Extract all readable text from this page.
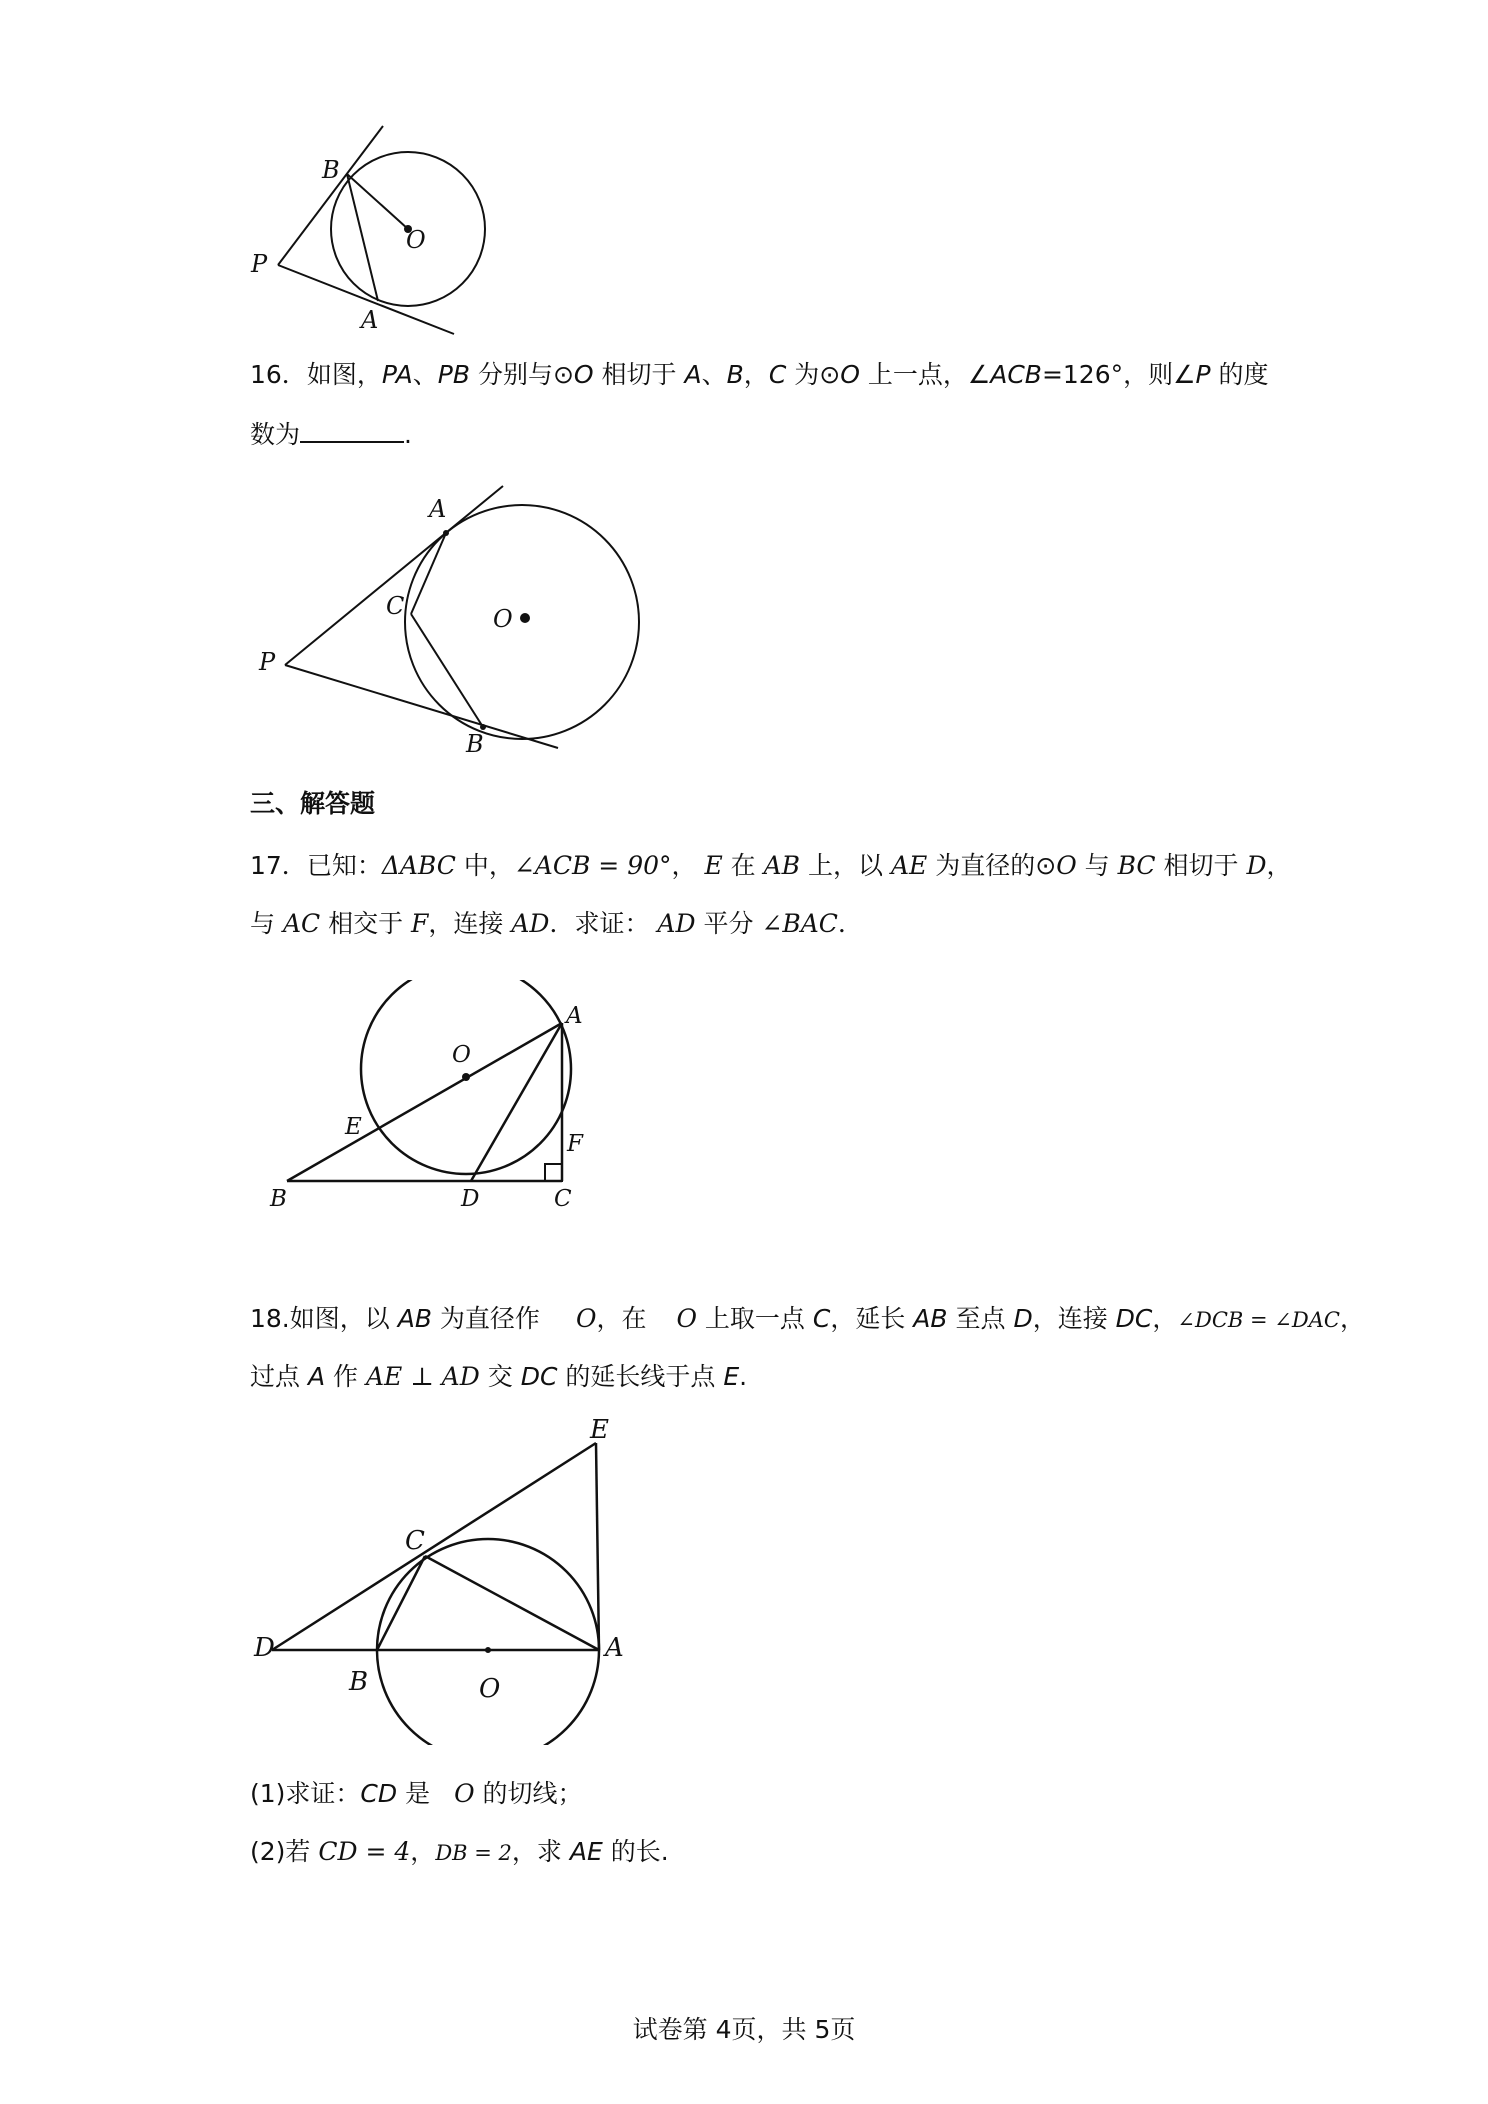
B
O
P
A
16．如图，PA、PB 分别与⊙O 相切于 A、B，C 为⊙O 上一点，∠ACB=126°，则∠P 的度
数为	.
A
C	O
P
B
三、解答题
17．已知：ΔABC 中，∠ACB = 90°， E 在 AB 上，以 AE 为直径的⊙O 与 BC 相切于 D，
与 AC 相交于 F，连接 AD．求证： AD 平分 ∠BAC．
O
A
E
F
B	D	C
18.如图，以 AB 为直径作 O，在 O 上取一点 C，延长 AB 至点 D，连接 DC，∠DCB = ∠DAC，
过点 A 作 AE ⊥ AD 交 DC 的延长线于点 E.
E
C
D
B	O
A
(1)求证：CD 是 O 的切线；
(2)若 CD = 4，DB = 2，求 AE 的长.
试卷第 4页，共 5页
